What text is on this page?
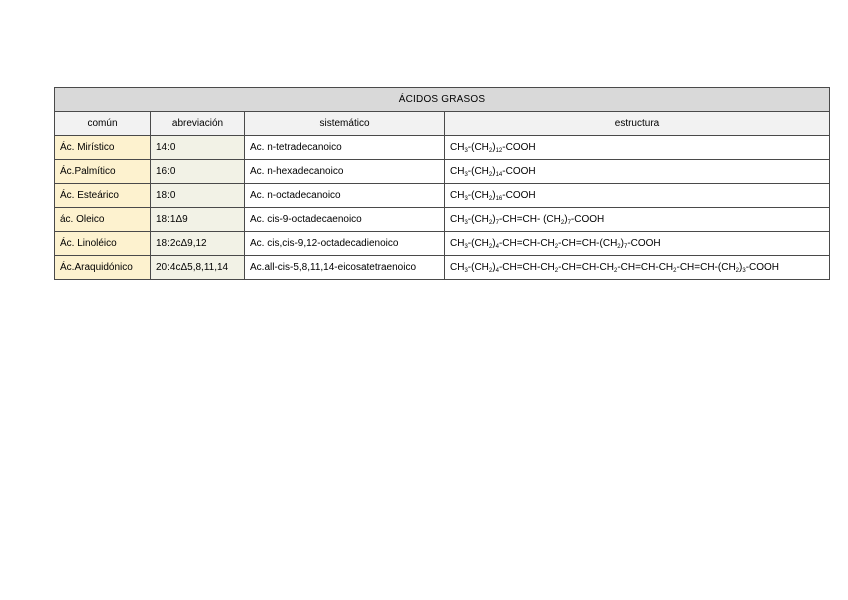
ÁCIDOS GRASOS			
común	abreviación	sistemático	estructura
Ác. Mirístico	14:0	Ac. n-tetradecanoico	$CH_3-(CH_2)_{12}$-COOH
Ác.Palmítico	16:0	Ac. n-hexadecanoico	$CH_3-(CH_2)_{14}$-COOH
Ác. Esteárico	18:0	Ac. n-octadecanoico	$CH_3-(CH_2)_{16}$-COOH
ác. Oleico	18:1Δ9	Ac. cis-9-octadecaenoico	$CH_3-(CH_2)_7-CH=CH-$ $(CH_2)_7$-COOH
Ác. Linoléico	18:2cΔ9,12	Ac. cis,cis-9,12-octadecadienoico	$CH_3-(CH_2)_4-CH=CH-CH_2-CH=CH-(CH_2)_7$-COOH
Ác.Araquidónico	20:4cΔ5,8,11,14	Ac.all-cis-5,8,11,14-eicosatetraenoico	$CH_3-(CH_2)_4-CH=CH-CH_2-CH=CH-CH_2-CH=CH-CH_2-CH=CH-(CH_2)_3$-COOH
